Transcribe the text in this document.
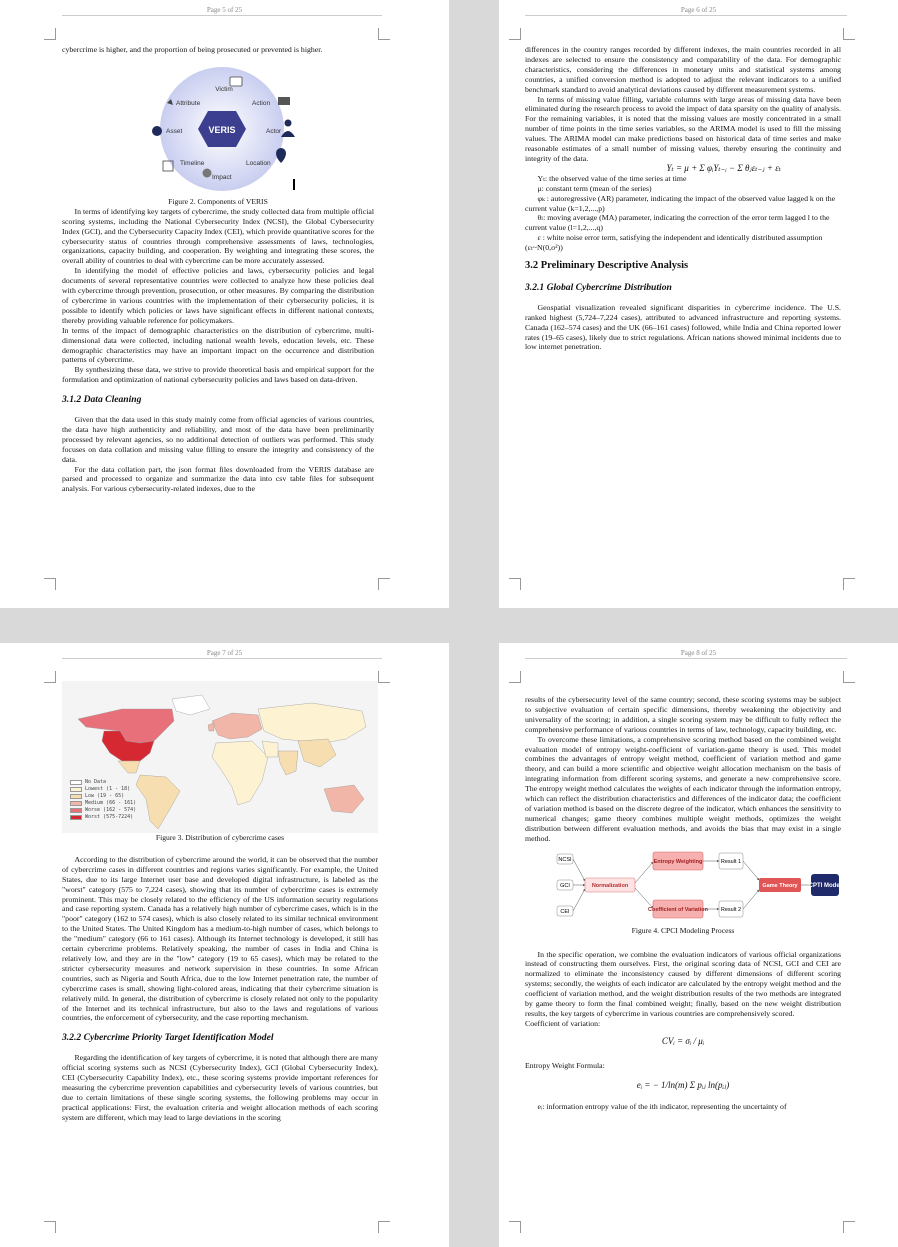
Page 5 of 25

cybercrime is higher, and the proportion of being prosecuted or prevented is higher.

VERIS
Victim
Action
Actor
Location
Impact
Timeline
Asset
Attribute

Figure 2. Components of VERIS

In terms of identifying key targets of cybercrime, the study collected data from multiple official scoring systems, including the National Cybersecurity Index (NCSI), the Global Cybersecurity Index (GCI), and the Cybersecurity Capacity Index (CEI), which provide quantitative scores for the cybersecurity status of countries through comprehensive assessments of laws, technologies, organizations, capacity building, and cooperation. By weighting and integrating these scores, the overall ability of countries to deal with cybercrime can be more accurately assessed.

In identifying the model of effective policies and laws, cybersecurity policies and legal documents of several representative countries were collected to analyze how these policies deal with cybercrime through prevention, prosecution, or other measures. By comparing the distribution of cybercrime in various countries with the implementation of their cybersecurity policies, it is possible to identify which policies or laws have significant effects in different national contexts, thereby providing valuable reference for policymakers.

In terms of the impact of demographic characteristics on the distribution of cybercrime, multi-dimensional data were collected, including national wealth levels, education levels, etc. These demographic characteristics may have an important impact on the occurrence and distribution patterns of cybercrime.

By synthesizing these data, we strive to provide theoretical basis and empirical support for the formulation and optimization of national cybersecurity policies and laws based on data-driven.

3.1.2 Data Cleaning

Given that the data used in this study mainly come from official agencies of various countries, the data have high authenticity and reliability, and most of the data have been preliminarily processed by relevant agencies, so no additional detection of outliers was performed. This study focuses on data collation and missing value filling to ensure the integrity and consistency of the data.

For the data collation part, the json format files downloaded from the VERIS database are parsed and processed to organize and summarize the data into csv table files for subsequent analysis. For various cybersecurity-related indexes, due to the

Page 6 of 25

differences in the country ranges recorded by different indexes, the main countries recorded in all indexes are selected to ensure the consistency and comparability of the data. For demographic characteristics, considering the differences in monetary units and statistical systems among countries, a unified conversion method is adopted to adjust the relevant indicators to a unified benchmark standard to avoid analytical deviations caused by different measurement systems.

In terms of missing value filling, variable columns with large areas of missing data have been eliminated during the research process to avoid the impact of data sparsity on the quality of analysis. For the remaining variables, it is noted that the missing values are mostly concentrated in a small number of time points in the time series variables, so the ARIMA model is used to fill the missing values. The ARIMA model can make predictions based on historical data of time series and make reasonable estimates of a small number of missing values, thereby ensuring the continuity and integrity of the data.

Yₜ = μ + Σ φᵢYₜ₋ᵢ − Σ θⱼεₜ₋ⱼ + εₜ

Yₜ: the observed value of the time series at time

μ: constant term (mean of the series)

φₖ : autoregressive (AR) parameter, indicating the impact of the observed value lagged k on the current value (k=1,2,...,p)

θₗ: moving average (MA) parameter, indicating the correction of the error term lagged l to the current value (l=1,2,...,q)

ε : white noise error term, satisfying the independent and identically distributed assumption (εₜ~N(0,σ²))

3.2 Preliminary Descriptive Analysis
3.2.1 Global Cybercrime Distribution

Geospatial visualization revealed significant disparities in cybercrime incidence. The U.S. ranked highest (5,724–7,224 cases), attributed to advanced infrastructure and reporting systems. Canada (162–574 cases) and the UK (66–161 cases) followed, while India and China reported lower rates (19–65 cases), likely due to strict regulations. African nations showed minimal incidents due to low internet penetration.

Page 7 of 25
No Data
Lowest (1 - 18)
Low (19 - 65)
Medium (66 - 161)
Worse (162 - 574)
Worst (575-7224)

Figure 3. Distribution of cybercrime cases

According to the distribution of cybercrime around the world, it can be observed that the number of cybercrime cases in different countries and regions varies significantly. For example, the United States, due to its large Internet user base and developed digital infrastructure, is labeled as the "worst" category (575 to 7,224 cases), showing that its number of cybercrime cases is extremely prominent. This may be closely related to the efficiency of the US information security regulations and case reporting system. Canada has a relatively high number of cybercrime cases, which is in the "poor" category (162 to 574 cases), which is also closely related to its similar technical environment to the United States. The United Kingdom has a medium-to-high number of cases, which belongs to the "medium" category (66 to 161 cases). Although its Internet technology is developed, it still has certain cybercrime problems. Relatively speaking, the number of cases in India and China is relatively low, and they are in the "low" category (19 to 65 cases), which may be related to the stricter cybersecurity measures and network supervision in these countries. In some African countries, such as Nigeria and South Africa, due to the low Internet penetration rate, the number of cybercrime cases is small, showing light-colored areas, indicating that their cybercrime situation is relatively mild. In general, the distribution of cybercrime is closely related not only to the popularity of the Internet and its technical infrastructure, but also to the laws and regulations of various countries, the enforcement of cybersecurity, and the case reporting mechanism.

3.2.2 Cybercrime Priority Target Identification Model

Regarding the identification of key targets of cybercrime, it is noted that although there are many official scoring systems such as NCSI (Cybersecurity Index), GCI (Global Cybersecurity Index), CEI (Cybersecurity Capability Index), etc., these scoring systems provide important references for measuring the cybercrime prevention capabilities and cybersecurity levels of various countries, but due to certain limitations of these single scoring systems, the following problems may occur in practical applications: First, the evaluation criteria and weight allocation methods of each scoring system are different, which may lead to large deviations in the scoring

Page 8 of 25

results of the cybersecurity level of the same country; second, these scoring systems may be subject to subjective evaluation of certain specific dimensions, thereby weakening the objectivity and universality of the scoring; in addition, a single scoring system may be difficult to fully reflect the comprehensive performance of various countries in terms of law, technology, capacity building, etc.

To overcome these limitations, a comprehensive scoring method based on the combined weight evaluation model of entropy weight-coefficient of variation-game theory is used. This model combines the advantages of entropy weight method, coefficient of variation method and game theory, and can build a more scientific and objective weight allocation mechanism on the basis of integrating information from different scoring systems, and generate a new comprehensive score. The entropy weight method calculates the weights of each indicator through the information entropy, which can reflect the distribution characteristics and differences of the indicator data; the coefficient of variation method is based on the discrete degree of the indicator, which enhances the sensitivity to numerical changes; game theory combines multiple weight methods, optimizes the weight distribution between different evaluation methods, and avoids the bias that may exist in a single method.

NCSI
GCI
CEI
Normalization
Entropy Weighting
Coefficient of Variation
Result 1
Result 2
Game Theory CPTI Model

Figure 4. CPCI Modeling Process

In the specific operation, we combine the evaluation indicators of various official organizations instead of constructing them ourselves. First, the original scoring data of NCSI, GCI and CEI are normalized to eliminate the inconsistency caused by different dimensions of different scoring systems; secondly, the weights of each indicator are calculated by the entropy weight method and the coefficient of variation method, and the weight distribution results of the two methods are integrated by game theory to form the final combined weight; finally, based on the new weight distribution results, the key targets of cybercrime in various countries are comprehensively scored.

Coefficient of variation:

CVᵢ = σᵢ / μᵢ

Entropy Weight Formula:

eᵢ = − 1/ln(m) Σ pᵢⱼ ln(pᵢⱼ)

eᵢ: information entropy value of the ith indicator, representing the uncertainty of
